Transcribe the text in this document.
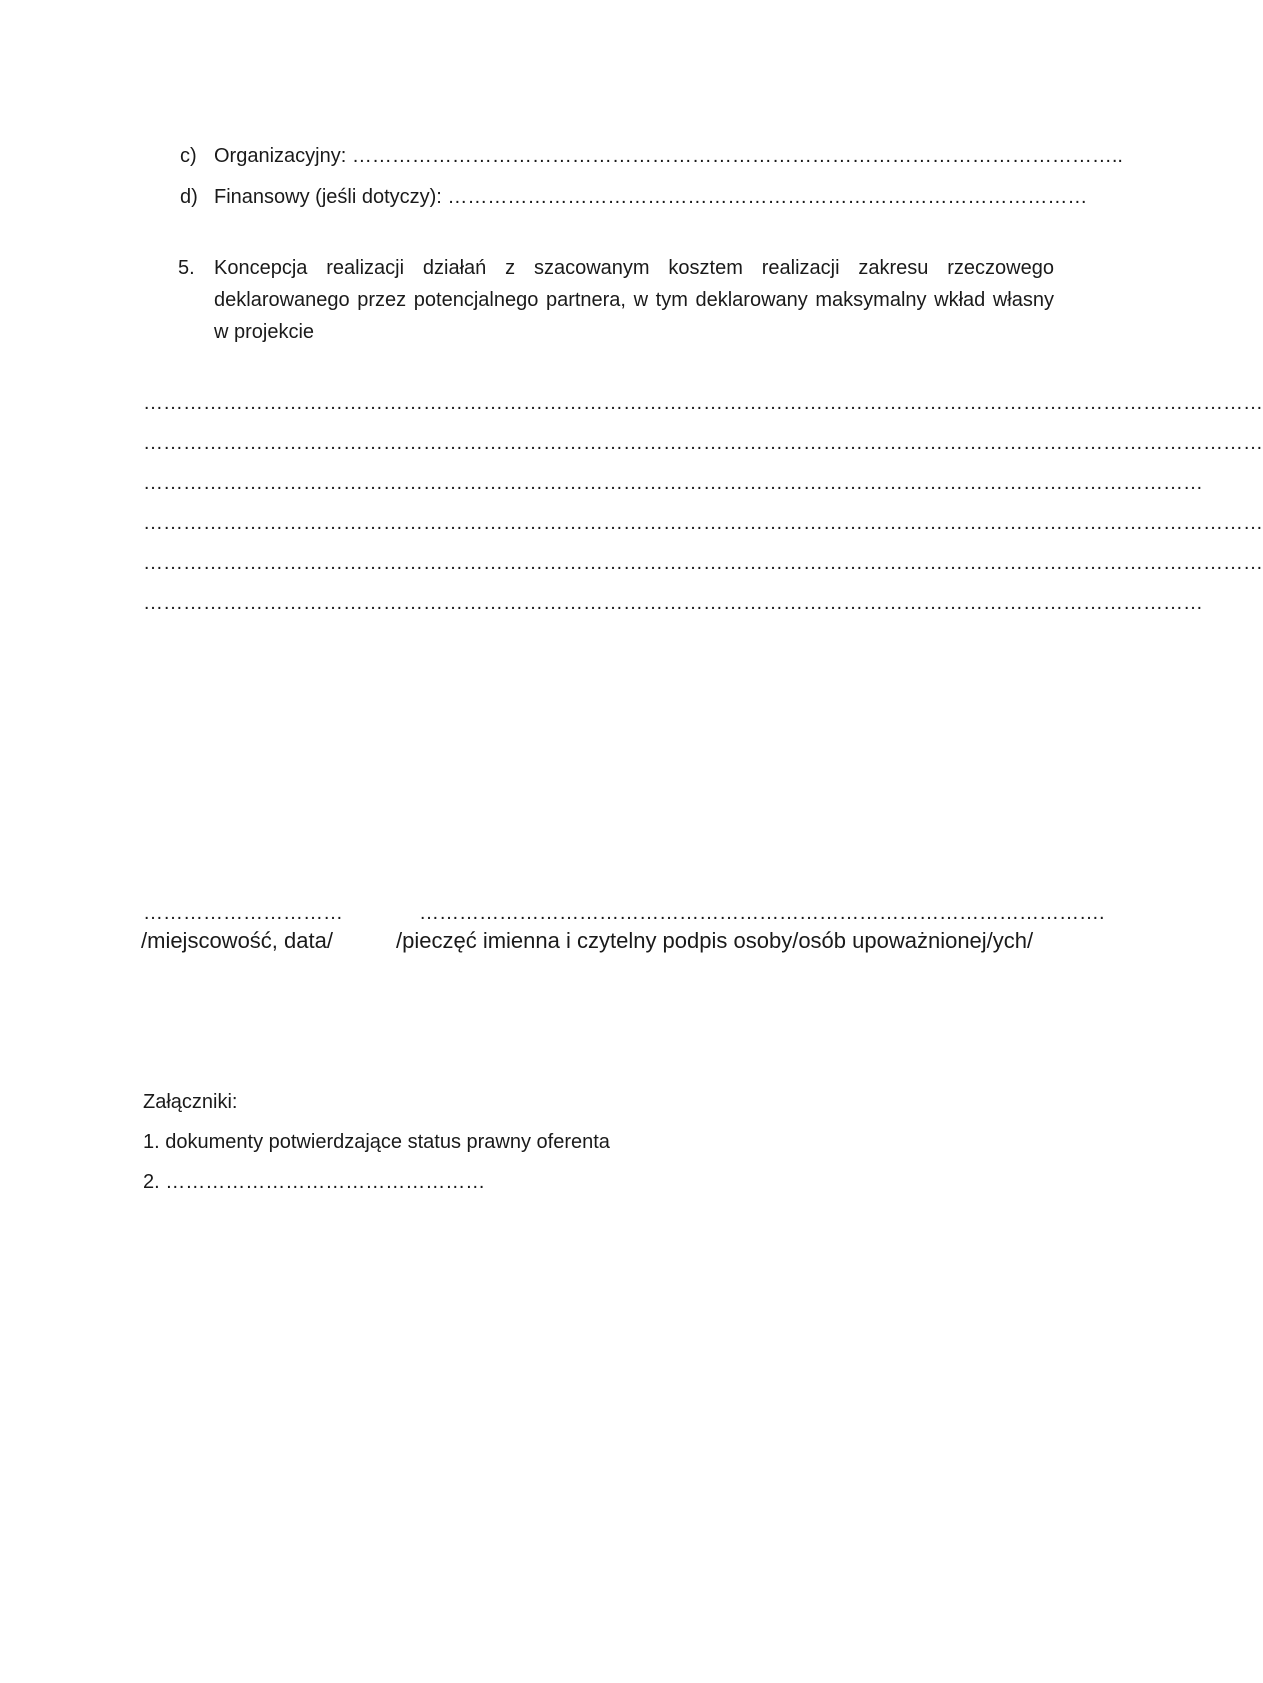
c) Organizacyjny: ……………………………………………………………………………………………………..
d) Finansowy (jeśli dotyczy): ……………………………………………………………………………………
5. Koncepcja realizacji działań z szacowanym kosztem realizacji zakresu rzeczowego deklarowanego przez potencjalnego partnera, w tym deklarowany maksymalny wkład własny w projekcie
……………………………………………………………………………………………………………………………………………………
……………………………………………………………………………………………………………………………………………………
……………………………………………………………………………………………………………………………………………
……………………………………………………………………………………………………………………………………………………
……………………………………………………………………………………………………………………………………………………
……………………………………………………………………………………………………………………………………………
…………………………	………………………………………………………………………………………….
/miejscowość, data/	/pieczęć imienna i czytelny podpis osoby/osób upoważnionej/ych/
Załączniki:
1. dokumenty potwierdzające status prawny oferenta
2. …………………………………………
